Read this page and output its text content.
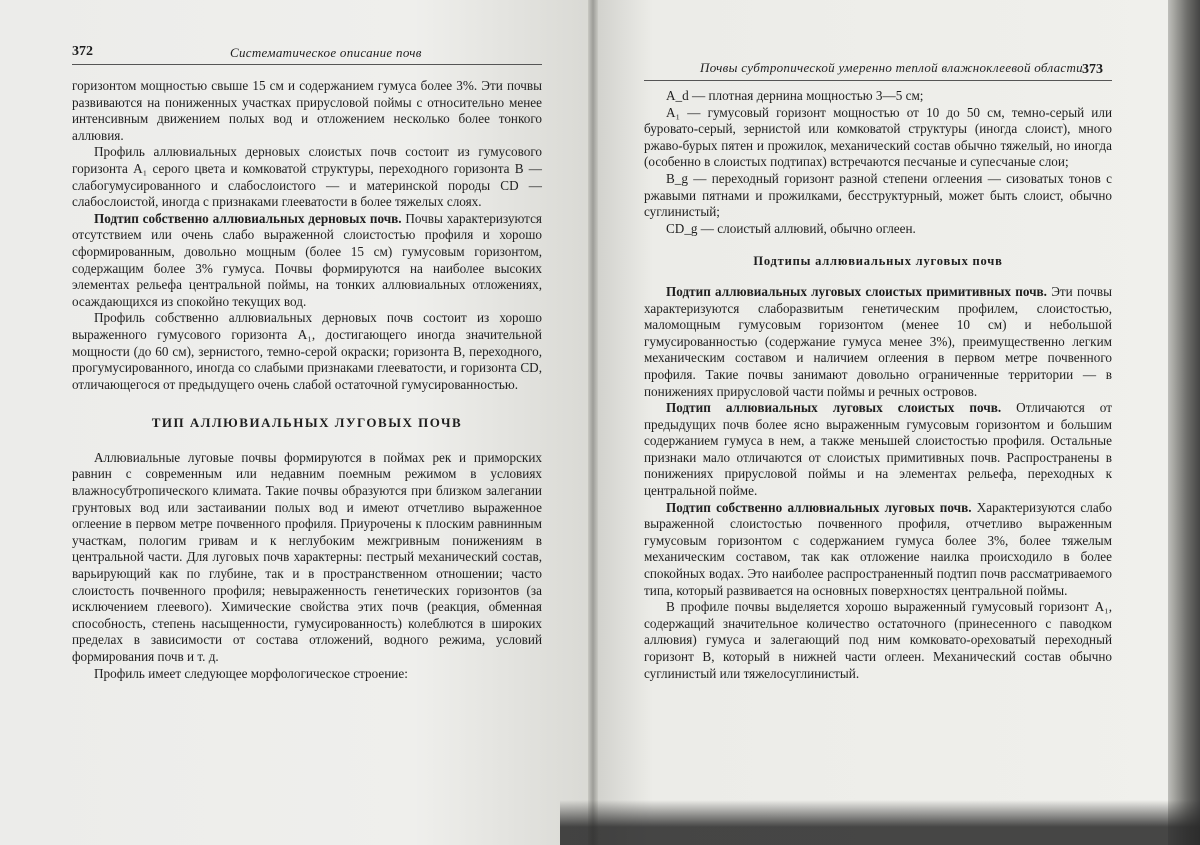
372	Систематическое описание почв

горизонтом мощностью свыше 15 см и содержанием гумуса более 3%. Эти почвы развиваются на пониженных участках прирусловой поймы с относительно менее интенсивным движением полых вод и отложением несколько более тонкого аллювия.

Профиль аллювиальных дерновых слоистых почв состоит из гумусового горизонта A₁ серого цвета и комковатой структуры, переходного горизонта B — слабогумусированного и слабослоистого — и материнской породы CD — слабослоистой, иногда с признаками глееватости в более тяжелых слоях.

Подтип собственно аллювиальных дерновых почв. Почвы характеризуются отсутствием или очень слабо выраженной слоистостью профиля и хорошо сформированным, довольно мощным (более 15 см) гумусовым горизонтом, содержащим более 3% гумуса. Почвы формируются на наиболее высоких элементах рельефа центральной поймы, на тонких аллювиальных отложениях, осаждающихся из спокойно текущих вод.

Профиль собственно аллювиальных дерновых почв состоит из хорошо выраженного гумусового горизонта A₁, достигающего иногда значительной мощности (до 60 см), зернистого, темно-серой окраски; горизонта B, переходного, прогумусированного, иногда со слабыми признаками глееватости, и горизонта CD, отличающегося от предыдущего очень слабой остаточной гумусированностью.

ТИП АЛЛЮВИАЛЬНЫХ ЛУГОВЫХ ПОЧВ

Аллювиальные луговые почвы формируются в поймах рек и приморских равнин с современным или недавним поемным режимом в условиях влажносубтропического климата. Такие почвы образуются при близком залегании грунтовых вод или застаивании полых вод и имеют отчетливо выраженное оглеение в первом метре почвенного профиля. Приурочены к плоским равнинным участкам, пологим гривам и к неглубоким межгривным понижениям в центральной части. Для луговых почв характерны: пестрый механический состав, варьирующий как по глубине, так и в пространственном отношении; часто слоистость почвенного профиля; невыраженность генетических горизонтов (за исключением глеевого). Химические свойства этих почв (реакция, обменная способность, степень насыщенности, гумусированность) колеблются в широких пределах в зависимости от состава отложений, водного режима, условий формирования почв и т. д.

Профиль имеет следующее морфологическое строение:

Почвы субтропической умеренно теплой влажноклеевой области 373

A_d — плотная дернина мощностью 3—5 см;

A₁ — гумусовый горизонт мощностью от 10 до 50 см, темно-серый или буровато-серый, зернистой или комковатой структуры (иногда слоист), много ржаво-бурых пятен и прожилок, механический состав обычно тяжелый, но иногда (особенно в слоистых подтипах) встречаются песчаные и супесчаные слои;

B_g — переходный горизонт разной степени оглеения — сизоватых тонов с ржавыми пятнами и прожилками, бесструктурный, может быть слоист, обычно суглинистый;

CD_g — слоистый аллювий, обычно оглеен.

Подтипы аллювиальных луговых почв

Подтип аллювиальных луговых слоистых примитивных почв. Эти почвы характеризуются слаборазвитым генетическим профилем, слоистостью, маломощным гумусовым горизонтом (менее 10 см) и небольшой гумусированностью (содержание гумуса менее 3%), преимущественно легким механическим составом и наличием оглеения в первом метре почвенного профиля. Такие почвы занимают довольно ограниченные территории — в понижениях прирусловой части поймы и речных островов.

Подтип аллювиальных луговых слоистых почв. Отличаются от предыдущих почв более ясно выраженным гумусовым горизонтом и большим содержанием гумуса в нем, а также меньшей слоистостью профиля. Остальные признаки мало отличаются от слоистых примитивных почв. Распространены в понижениях прирусловой поймы и на элементах рельефа, переходных к центральной пойме.

Подтип собственно аллювиальных луговых почв. Характеризуются слабо выраженной слоистостью почвенного профиля, отчетливо выраженным гумусовым горизонтом с содержанием гумуса более 3%, более тяжелым механическим составом, так как отложение наилка происходило в более спокойных водах. Это наиболее распространенный подтип почв рассматриваемого типа, который развивается на основных поверхностях центральной поймы.

В профиле почвы выделяется хорошо выраженный гумусовый горизонт A₁, содержащий значительное количество остаточного (принесенного с паводком аллювия) гумуса и залегающий под ним комковато-ореховатый переходный горизонт B, который в нижней части оглеен. Механический состав обычно суглинистый или тяжелосуглинистый.
